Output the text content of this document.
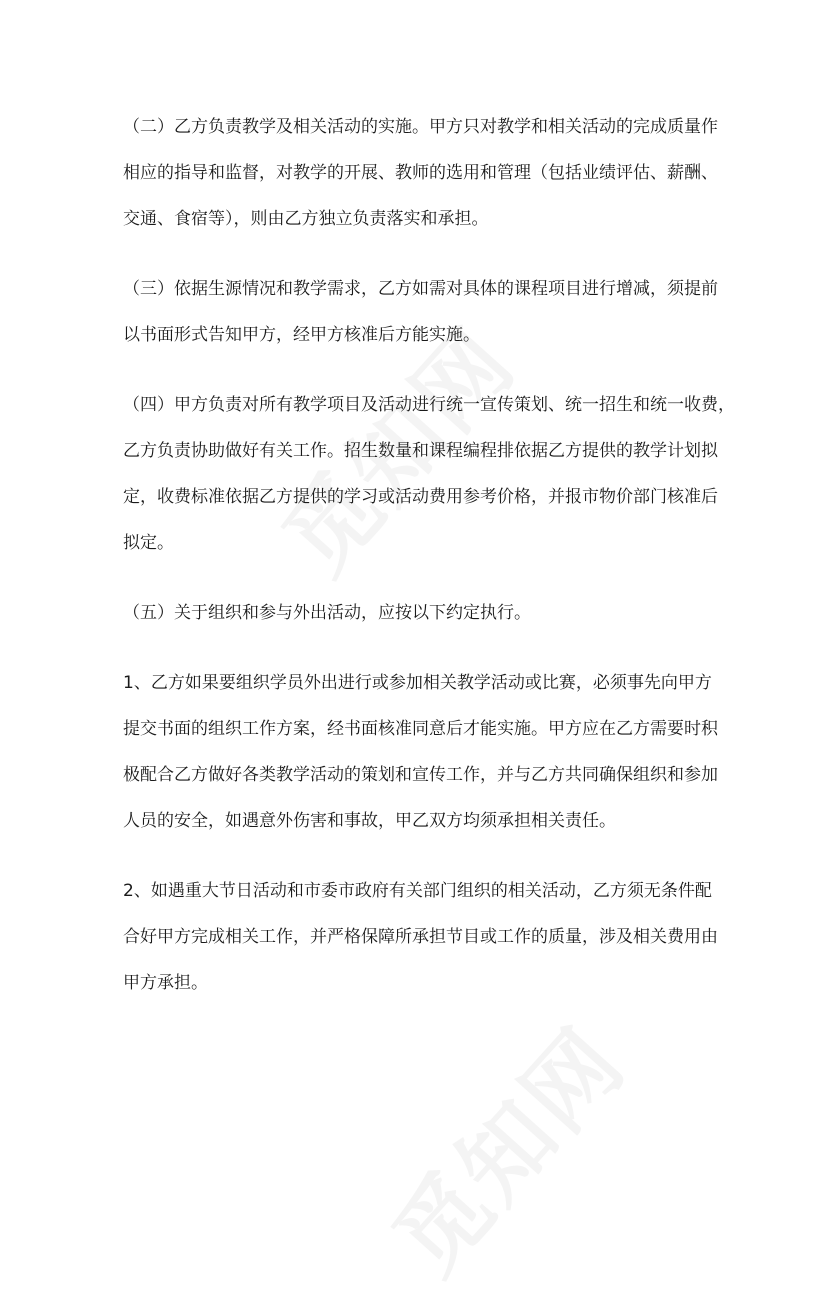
（二）乙方负责教学及相关活动的实施。甲方只对教学和相关活动的完成质量作
相应的指导和监督，对教学的开展、教师的选用和管理（包括业绩评估、薪酬、
交通、食宿等），则由乙方独立负责落实和承担。
（三）依据生源情况和教学需求，乙方如需对具体的课程项目进行增减，须提前
以书面形式告知甲方，经甲方核准后方能实施。
（四）甲方负责对所有教学项目及活动进行统一宣传策划、统一招生和统一收费，
乙方负责协助做好有关工作。招生数量和课程编程排依据乙方提供的教学计划拟
定，收费标准依据乙方提供的学习或活动费用参考价格，并报市物价部门核准后
拟定。
（五）关于组织和参与外出活动，应按以下约定执行。
1、乙方如果要组织学员外出进行或参加相关教学活动或比赛，必须事先向甲方
提交书面的组织工作方案，经书面核准同意后才能实施。甲方应在乙方需要时积
极配合乙方做好各类教学活动的策划和宣传工作，并与乙方共同确保组织和参加
人员的安全，如遇意外伤害和事故，甲乙双方均须承担相关责任。
2、如遇重大节日活动和市委市政府有关部门组织的相关活动，乙方须无条件配
合好甲方完成相关工作，并严格保障所承担节目或工作的质量，涉及相关费用由
甲方承担。
